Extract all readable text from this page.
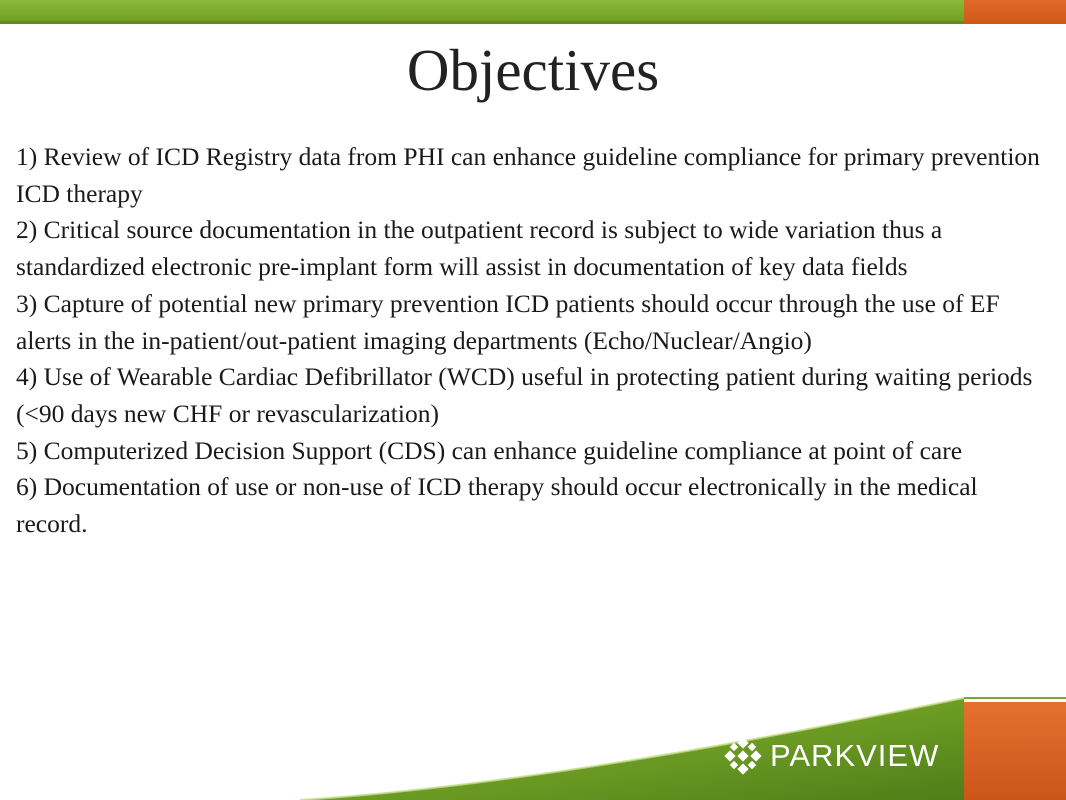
Objectives
1) Review of ICD Registry data from PHI can enhance guideline compliance for primary prevention ICD therapy
2) Critical source documentation in the outpatient record is subject to wide variation thus a standardized electronic pre-implant form will assist in documentation of key data fields
3) Capture of potential new primary prevention ICD patients should occur through the use of EF alerts in the in-patient/out-patient imaging departments (Echo/Nuclear/Angio)
4) Use of Wearable Cardiac Defibrillator (WCD) useful in protecting patient during waiting periods (<90 days new CHF or revascularization)
5) Computerized Decision Support (CDS) can enhance guideline compliance at point of care
6) Documentation of use or non-use of ICD therapy should occur electronically in the medical record.
PARKVIEW
